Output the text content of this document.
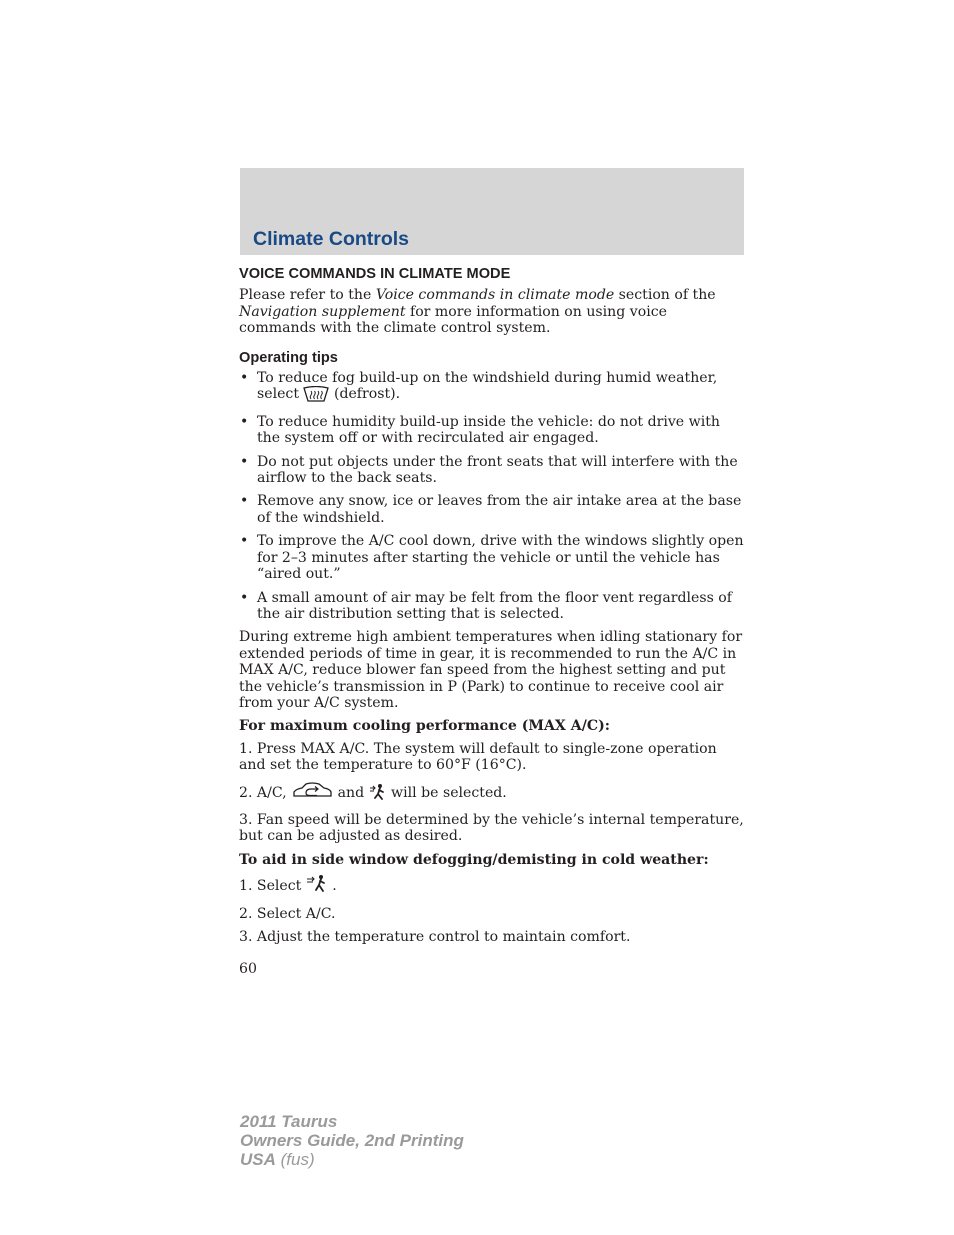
Climate Controls
VOICE COMMANDS IN CLIMATE MODE

Please refer to the Voice commands in climate mode section of the Navigation supplement for more information on using voice commands with the climate control system.

Operating tips
• To reduce fog build-up on the windshield during humid weather, select  (defrost).
• To reduce humidity build-up inside the vehicle: do not drive with the system off or with recirculated air engaged.
• Do not put objects under the front seats that will interfere with the airflow to the back seats.
• Remove any snow, ice or leaves from the air intake area at the base of the windshield.
• To improve the A/C cool down, drive with the windows slightly open for 2–3 minutes after starting the vehicle or until the vehicle has “aired out.”
• A small amount of air may be felt from the floor vent regardless of the air distribution setting that is selected.

During extreme high ambient temperatures when idling stationary for extended periods of time in gear, it is recommended to run the A/C in MAX A/C, reduce blower fan speed from the highest setting and put the vehicle’s transmission in P (Park) to continue to receive cool air from your A/C system.

For maximum cooling performance (MAX A/C):

1. Press MAX A/C. The system will default to single-zone operation and set the temperature to 60°F (16°C).

2. A/C,	and  will be selected.

3. Fan speed will be determined by the vehicle’s internal temperature, but can be adjusted as desired.

To aid in side window defogging/demisting in cold weather:

1. Select  .

2. Select A/C.

3. Adjust the temperature control to maintain comfort.

60
2011 Taurus
Owners Guide, 2nd Printing
USA (fus)
